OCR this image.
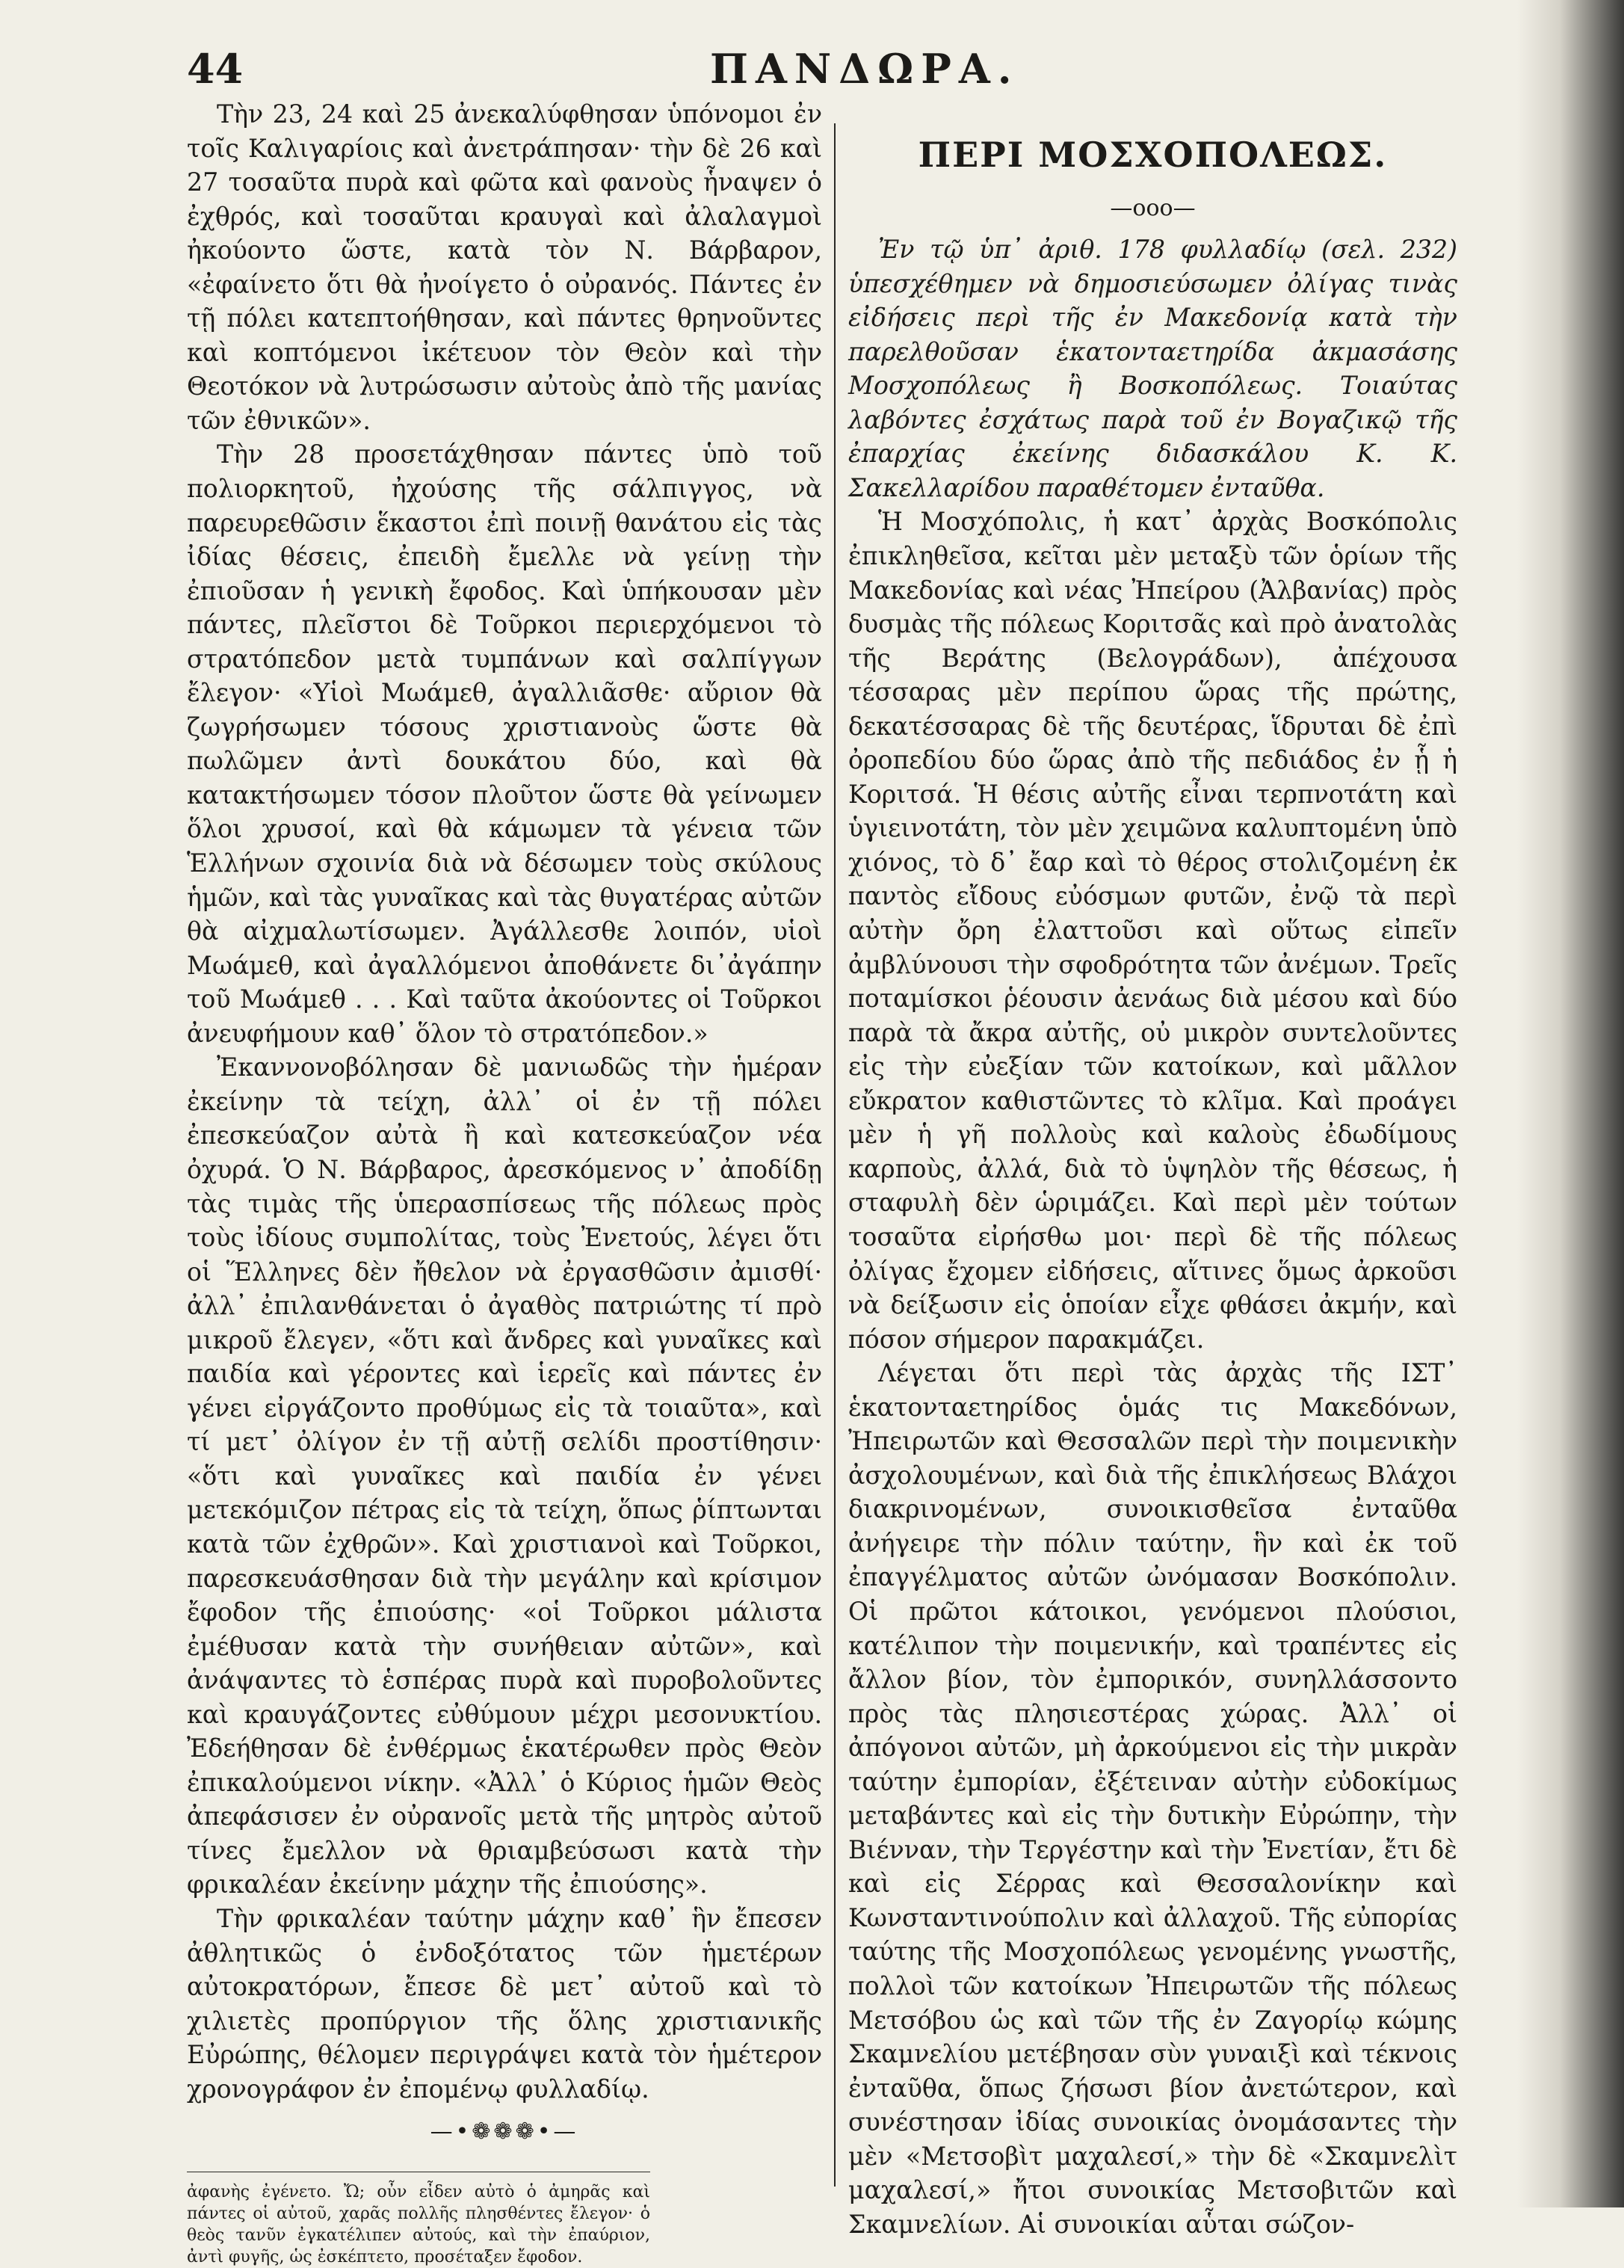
44	ΠΑΝΔΩΡΑ.

Τὴν 23, 24 καὶ 25 ἀνεκαλύφθησαν ὑπόνομοι ἐν τοῖς Καλιγαρίοις καὶ ἀνετράπησαν· τὴν δὲ 26 καὶ 27 τοσαῦτα πυρὰ καὶ φῶτα καὶ φανοὺς ἧναψεν ὁ ἐχθρός, καὶ τοσαῦται κραυγαὶ καὶ ἀλαλαγμοὶ ἠκούοντο ὥστε, κατὰ τὸν Ν. Βάρβαρον, «ἐφαίνετο ὅτι θὰ ἠνοίγετο ὁ οὐρανός. Πάντες ἐν τῇ πόλει κατεπτοήθησαν, καὶ πάντες θρηνοῦντες καὶ κοπτόμενοι ἰκέτευον τὸν Θεὸν καὶ τὴν Θεοτόκον νὰ λυτρώσωσιν αὐτοὺς ἀπὸ τῆς μανίας τῶν ἐθνικῶν».

Τὴν 28 προσετάχθησαν πάντες ὑπὸ τοῦ πολιορκητοῦ, ἠχούσης τῆς σάλπιγγος, νὰ παρευρεθῶσιν ἕκαστοι ἐπὶ ποινῇ θανάτου εἰς τὰς ἰδίας θέσεις, ἐπειδὴ ἔμελλε νὰ γείνῃ τὴν ἐπιοῦσαν ἡ γενικὴ ἔφοδος. Καὶ ὑπήκουσαν μὲν πάντες, πλεῖστοι δὲ Τοῦρκοι περιερχόμενοι τὸ στρατόπεδον μετὰ τυμπάνων καὶ σαλπίγγων ἔλεγον· «Υἱοὶ Μωάμεθ, ἀγαλλιᾶσθε· αὔριον θὰ ζωγρήσωμεν τόσους χριστιανοὺς ὥστε θὰ πωλῶμεν ἀντὶ δουκάτου δύο, καὶ θὰ κατακτήσωμεν τόσον πλοῦτον ὥστε θὰ γείνωμεν ὅλοι χρυσοί, καὶ θὰ κάμωμεν τὰ γένεια τῶν Ἑλλήνων σχοινία διὰ νὰ δέσωμεν τοὺς σκύλους ἡμῶν, καὶ τὰς γυναῖκας καὶ τὰς θυγατέρας αὐτῶν θὰ αἰχμαλωτίσωμεν. Ἀγάλλεσθε λοιπόν, υἱοὶ Μωάμεθ, καὶ ἀγαλλόμενοι ἀποθάνετε δι᾽ἀγάπην τοῦ Μωάμεθ . . . Καὶ ταῦτα ἀκούοντες οἱ Τοῦρκοι ἀνευφήμουν καθ᾽ ὅλον τὸ στρατόπεδον.»

Ἐκαννονοβόλησαν δὲ μανιωδῶς τὴν ἡμέραν ἐκείνην τὰ τείχη, ἀλλ᾽ οἱ ἐν τῇ πόλει ἐπεσκεύαζον αὐτὰ ἢ καὶ κατεσκεύαζον νέα ὀχυρά. Ὁ Ν. Βάρβαρος, ἀρεσκόμενος ν᾽ ἀποδίδῃ τὰς τιμὰς τῆς ὑπερασπίσεως τῆς πόλεως πρὸς τοὺς ἰδίους συμπολίτας, τοὺς Ἐνετούς, λέγει ὅτι οἱ Ἕλληνες δὲν ἤθελον νὰ ἐργασθῶσιν ἀμισθί· ἀλλ᾽ ἐπιλανθάνεται ὁ ἀγαθὸς πατριώτης τί πρὸ μικροῦ ἔλεγεν, «ὅτι καὶ ἄνδρες καὶ γυναῖκες καὶ παιδία καὶ γέροντες καὶ ἱερεῖς καὶ πάντες ἐν γένει εἰργάζοντο προθύμως εἰς τὰ τοιαῦτα», καὶ τί μετ᾽ ὀλίγον ἐν τῇ αὐτῇ σελίδι προστίθησιν· «ὅτι καὶ γυναῖκες καὶ παιδία ἐν γένει μετεκόμιζον πέτρας εἰς τὰ τείχη, ὅπως ῥίπτωνται κατὰ τῶν ἐχθρῶν». Καὶ χριστιανοὶ καὶ Τοῦρκοι, παρεσκευάσθησαν διὰ τὴν μεγάλην καὶ κρίσιμον ἔφοδον τῆς ἐπιούσης· «οἱ Τοῦρκοι μάλιστα ἐμέθυσαν κατὰ τὴν συνήθειαν αὐτῶν», καὶ ἀνάψαντες τὸ ἑσπέρας πυρὰ καὶ πυροβολοῦντες καὶ κραυγάζοντες εὐθύμουν μέχρι μεσονυκτίου. Ἐδεήθησαν δὲ ἐνθέρμως ἑκατέρωθεν πρὸς Θεὸν ἐπικαλούμενοι νίκην. «Ἀλλ᾽ ὁ Κύριος ἡμῶν Θεὸς ἀπεφάσισεν ἐν οὐρανοῖς μετὰ τῆς μητρὸς αὐτοῦ τίνες ἔμελλον νὰ θριαμβεύσωσι κατὰ τὴν φρικαλέαν ἐκείνην μάχην τῆς ἐπιούσης».

Τὴν φρικαλέαν ταύτην μάχην καθ᾽ ἣν ἔπεσεν ἀθλητικῶς ὁ ἐνδοξότατος τῶν ἡμετέρων αὐτοκρατόρων, ἔπεσε δὲ μετ᾽ αὐτοῦ καὶ τὸ χιλιετὲς προπύργιον τῆς ὅλης χριστιανικῆς Εὐρώπης, θέλομεν περιγράψει κατὰ τὸν ἡμέτερον χρονογράφον ἐν ἐπομένῳ φυλλαδίῳ.

—•❁❁❁•—

ἀφανὴς ἐγένετο. Ὤ; οὖν εἶδεν αὐτὸ ὁ ἀμηρᾶς καὶ πάντες οἱ αὐτοῦ, χαρᾶς πολλῆς πλησθέντες ἔλεγον· ὁ θεὸς τανῦν ἐγκατέλιπεν αὐτούς, καὶ τὴν ἐπαύριον, ἀντὶ φυγῆς, ὡς ἐσκέπτετο, προσέταξεν ἔφοδον.

ΠΕΡΙ ΜΟΣΧΟΠΟΛΕΩΣ.
—οοο—

Ἐν τῷ ὑπ᾽ ἀριθ. 178 φυλλαδίῳ (σελ. 232) ὑπεσχέθημεν νὰ δημοσιεύσωμεν ὀλίγας τινὰς εἰδήσεις περὶ τῆς ἐν Μακεδονίᾳ κατὰ τὴν παρελθοῦσαν ἑκατονταετηρίδα ἀκμασάσης Μοσχοπόλεως ἢ Βοσκοπόλεως. Τοιαύτας λαβόντες ἐσχάτως παρὰ τοῦ ἐν Βογαζικῷ τῆς ἐπαρχίας ἐκείνης διδασκάλου Κ. Κ. Σακελλαρίδου παραθέτομεν ἐνταῦθα.

Ἡ Μοσχόπολις, ἡ κατ᾽ ἀρχὰς Βοσκόπολις ἐπικληθεῖσα, κεῖται μὲν μεταξὺ τῶν ὁρίων τῆς Μακεδονίας καὶ νέας Ἠπείρου (Ἀλβανίας) πρὸς δυσμὰς τῆς πόλεως Κοριτσᾶς καὶ πρὸ ἀνατολὰς τῆς Βεράτης (Βελογράδων), ἀπέχουσα τέσσαρας μὲν περίπου ὥρας τῆς πρώτης, δεκατέσσαρας δὲ τῆς δευτέρας, ἵδρυται δὲ ἐπὶ ὀροπεδίου δύο ὥρας ἀπὸ τῆς πεδιάδος ἐν ᾗ ἡ Κοριτσά. Ἡ θέσις αὐτῆς εἶναι τερπνοτάτη καὶ ὑγιεινοτάτη, τὸν μὲν χειμῶνα καλυπτομένη ὑπὸ χιόνος, τὸ δ᾽ ἔαρ καὶ τὸ θέρος στολιζομένη ἐκ παντὸς εἴδους εὐόσμων φυτῶν, ἐνῷ τὰ περὶ αὐτὴν ὄρη ἐλαττοῦσι καὶ οὕτως εἰπεῖν ἀμβλύνουσι τὴν σφοδρότητα τῶν ἀνέμων. Τρεῖς ποταμίσκοι ῥέουσιν ἀενάως διὰ μέσου καὶ δύο παρὰ τὰ ἄκρα αὐτῆς, οὐ μικρὸν συντελοῦντες εἰς τὴν εὐεξίαν τῶν κατοίκων, καὶ μᾶλλον εὔκρατον καθιστῶντες τὸ κλῖμα. Καὶ προάγει μὲν ἡ γῆ πολλοὺς καὶ καλοὺς ἐδωδίμους καρποὺς, ἀλλά, διὰ τὸ ὑψηλὸν τῆς θέσεως, ἡ σταφυλὴ δὲν ὡριμάζει. Καὶ περὶ μὲν τούτων τοσαῦτα εἰρήσθω μοι· περὶ δὲ τῆς πόλεως ὀλίγας ἔχομεν εἰδήσεις, αἵτινες ὅμως ἀρκοῦσι νὰ δείξωσιν εἰς ὁποίαν εἶχε φθάσει ἀκμήν, καὶ πόσον σήμερον παρακμάζει.

Λέγεται ὅτι περὶ τὰς ἀρχὰς τῆς ΙΣΤ᾽ ἑκατονταετηρίδος ὁμάς τις Μακεδόνων, Ἠπειρωτῶν καὶ Θεσσαλῶν περὶ τὴν ποιμενικὴν ἀσχολουμένων, καὶ διὰ τῆς ἐπικλήσεως Βλάχοι διακρινομένων, συνοικισθεῖσα ἐνταῦθα ἀνήγειρε τὴν πόλιν ταύτην, ἣν καὶ ἐκ τοῦ ἐπαγγέλματος αὐτῶν ὠνόμασαν Βοσκόπολιν. Οἱ πρῶτοι κάτοικοι, γενόμενοι πλούσιοι, κατέλιπον τὴν ποιμενικήν, καὶ τραπέντες εἰς ἄλλον βίον, τὸν ἐμπορικόν, συνηλλάσσοντο πρὸς τὰς πλησιεστέρας χώρας. Ἀλλ᾽ οἱ ἀπόγονοι αὐτῶν, μὴ ἀρκούμενοι εἰς τὴν μικρὰν ταύτην ἐμπορίαν, ἐξέτειναν αὐτὴν εὐδοκίμως μεταβάντες καὶ εἰς τὴν δυτικὴν Εὐρώπην, τὴν Βιένναν, τὴν Τεργέστην καὶ τὴν Ἐνετίαν, ἔτι δὲ καὶ εἰς Σέρρας καὶ Θεσσαλονίκην καὶ Κωνσταντινούπολιν καὶ ἀλλαχοῦ. Τῆς εὐπορίας ταύτης τῆς Μοσχοπόλεως γενομένης γνωστῆς, πολλοὶ τῶν κατοίκων Ἠπειρωτῶν τῆς πόλεως Μετσόβου ὡς καὶ τῶν τῆς ἐν Ζαγορίῳ κώμης Σκαμνελίου μετέβησαν σὺν γυναιξὶ καὶ τέκνοις ἐνταῦθα, ὅπως ζήσωσι βίον ἀνετώτερον, καὶ συνέστησαν ἰδίας συνοικίας ὀνομάσαντες τὴν μὲν «Μετσοβὶτ μαχαλεσί,» τὴν δὲ «Σκαμνελὶτ μαχαλεσί,» ἤτοι συνοικίας Μετσοβιτῶν καὶ Σκαμνελίων. Αἱ συνοικίαι αὗται σώζον-
